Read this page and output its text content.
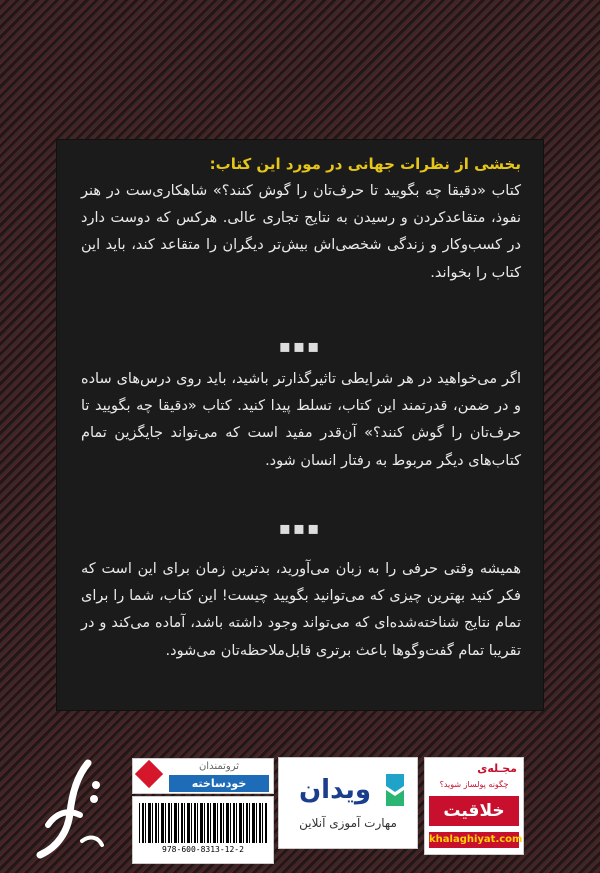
بخشی از نظرات جهانی در مورد این کتاب:
کتاب «دقیقا چه بگویید تا حرف‌تان را گوش کنند؟» شاهکاری‌ست در هنر نفوذ، متقاعدکردن و رسیدن به نتایج تجاری عالی. هرکس که دوست دارد در کسب‌وکار و زندگی شخصی‌اش بیش‌تر دیگران را متقاعد کند، باید این کتاب را بخواند.
▪▪▪
اگر می‌خواهید در هر شرایطی تاثیرگذارتر باشید، باید روی درس‌های ساده و در ضمن، قدرتمند این کتاب، تسلط پیدا کنید. کتاب «دقیقا چه بگویید تا حرف‌تان را گوش کنند؟» آن‌قدر مفید است که می‌تواند جایگزین تمام کتاب‌های دیگر مربوط به رفتار انسان شود.
▪▪▪
همیشه وقتی حرفی را به زبان می‌آورید، بدترین زمان برای این است که فکر کنید بهترین چیزی که می‌توانید بگویید چیست! این کتاب، شما را برای تمام نتایج شناخته‌شده‌ای که می‌تواند وجود داشته باشد، آماده می‌کند و در تقریبا تمام گفت‌وگوها باعث برتری قابل‌ملاحظه‌تان می‌شود.
مجـله‌ی
چگونه پولساز شوید؟
خلاقیت
khalaghiyat.com
ویدان
مهارت آموزی آنلاین
ثروتمندان
خودساخته
978-600-8313-12-2
